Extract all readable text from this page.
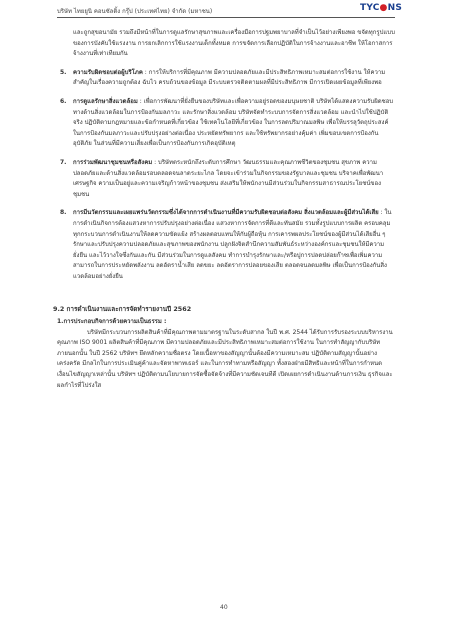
บริษัท ไทยยูนิ คอนซัลติ้ง กรุ๊ป (ประเทศไทย) จำกัด (มหาชน)	TYC●NS

และถูกสุขอนามัย รวมถึงมีหน้าที่ในการดูแลรักษาสุขภาพและเครื่องมือการปฐมพยาบาลที่จำเป็นไว้อย่างเพียงพอ ขจัดทุกรูปแบบของการบังคับใช้แรงงาน การยกเลิกการใช้แรงงานเด็กทั้งหมด การขจัดการเลือกปฏิบัติในการจ้างงานและอาชีพ ให้โอกาสการจ้างงานที่เท่าเทียมกัน

5. ความรับผิดชอบต่อผู้บริโภค : การให้บริการที่มีคุณภาพ มีความปลอดภัยและมีประสิทธิภาพเหมาะสมต่อการใช้งาน ให้ความสำคัญในเรื่องความถูกต้อง ฉับไว ครบถ้วนของข้อมูล มีระบบตรวจติดตามผลที่มีประสิทธิภาพ มีการเปิดเผยข้อมูลที่เพียงพอ

6. การดูแลรักษาสิ่งแวดล้อม : เพื่อการพัฒนาที่ยั่งยืนของบริษัทและเพื่อความอยู่รอดของมนุษยชาติ บริษัทได้แสดงความรับผิดชอบทางด้านสิ่งแวดล้อมในการป้องกันมลภาวะ และรักษาสิ่งแวดล้อม บริษัทจัดทำระบบการจัดการสิ่งแวดล้อม และนำไปใช้ปฏิบัติจริง ปฏิบัติตามกฎหมายและข้อกำหนดที่เกี่ยวข้อง ใช้เทคโนโลยีที่เกี่ยวข้อง ในการลดปริมาณมลพิษ เพื่อให้บรรลุวัตถุประสงค์ในการป้องกันมลภาวะและปรับปรุงอย่างต่อเนื่อง ประหยัดทรัพยากร และใช้ทรัพยากรอย่างคุ้มค่า เพิ่มขอบเขตการป้องกันอุบัติภัย ในส่วนที่มีความเสี่ยงเพื่อเป็นการป้องกันการเกิดอุบัติเหตุ

7. การร่วมพัฒนาชุมชนหรือสังคม : บริษัทตระหนักถึงระดับการศึกษา วัฒนธรรมและคุณภาพชีวิตของชุมชน สุขภาพ ความปลอดภัยและด้านสิ่งแวดล้อมรอบตลอดจนลาดระยะไกล โดยจะเข้าร่วมในกิจกรรมของรัฐบาลและชุมชน บริจาคเพื่อพัฒนาเศรษฐกิจ ความเป็นอยู่และความเจริญก้าวหน้าของชุมชน ส่งเสริมให้พนักงานมีส่วนร่วมในกิจกรรมสาธารณประโยชน์ของชุมชน

8. การมีนวัตกรรมและเผยแพร่นวัตกรรมซึ่งได้จากการดำเนินงานที่มีความรับผิดชอบต่อสังคม สิ่งแวดล้อมและผู้มีส่วนได้เสีย : ในการดำเนินกิจการต้องแสวงหาการปรับปรุงอย่างต่อเนื่อง แสวงหาการจัดการที่ดีและทันสมัย รวมทั้งรูปแบบการผลิต ครอบคลุมทุกกระบวนการดำเนินงานให้ลดความขัดแย้ง สร้างผลตอบแทนให้กับผู้ถือหุ้น การเคารพผลประโยชน์ของผู้มีส่วนได้เสียอื่น ๆ รักษาและปรับปรุงความปลอดภัยและสุขภาพของพนักงาน ปลูกฝังจิตสำนึกความสัมพันธ์ระหว่างองค์กรและชุมชนให้มีความยั่งยืน และไว้วางใจซึ่งกันและกัน มีส่วนร่วมในการดูแลสังคม ทำการบำรุงรักษาและ/หรือปูการปลดปล่อยก๊าซเพื่อเพิ่มความสามารถในการประหยัดพลังงาน ลดอัตราน้ำเสีย ลดขยะ ลดอัตราการปลอยของเสีย ตลอดจนลดมลพิษ เพื่อเป็นการป้องกันสิ่งแวดล้อมอย่างยั่งยืน

9.2 การดำเนินงานและการจัดทำรายงานปี 2562
1.การประกอบกิจการด้วยความเป็นธรรม :

บริษัทมีกระบวนการผลิตสินค้าที่มีคุณภาพตามมาตรฐานในระดับสากล ในปี พ.ศ. 2544 ได้รับการรับรองระบบบริหารงานคุณภาพ ISO 9001 ผลิตสินค้าที่มีคุณภาพ มีความปลอดภัยและมีประสิทธิภาพเหมาะสมต่อการใช้งาน ในการทำสัญญากับบริษัทภายนอกนั้น ในปี 2562 บริษัทฯ ยึดหลักความซื่อตรง โดยเนื้อหาของสัญญานั้นต้องมีความเหมาะสม ปฏิบัติตามสัญญานั้นอย่างเคร่งครัด มีกลไกในการประเมินคู่ค้าและจัดหาพาทเธอร์ และในการทำทามหรือสัญญา ทั้งสองฝ่ายมีสิทธิและหน้าที่ในการกำหนดเงื่อนไขสัญญาเหล่านั้น บริษัทฯ ปฏิบัติตามนโยบายการจัดซื้อจัดจ้างที่มีความชัดเจนทีดี เปิดเผยการดำเนินงานด้านการเงิน ธุรกิจและผลกำไรที่โปร่งใส

40
